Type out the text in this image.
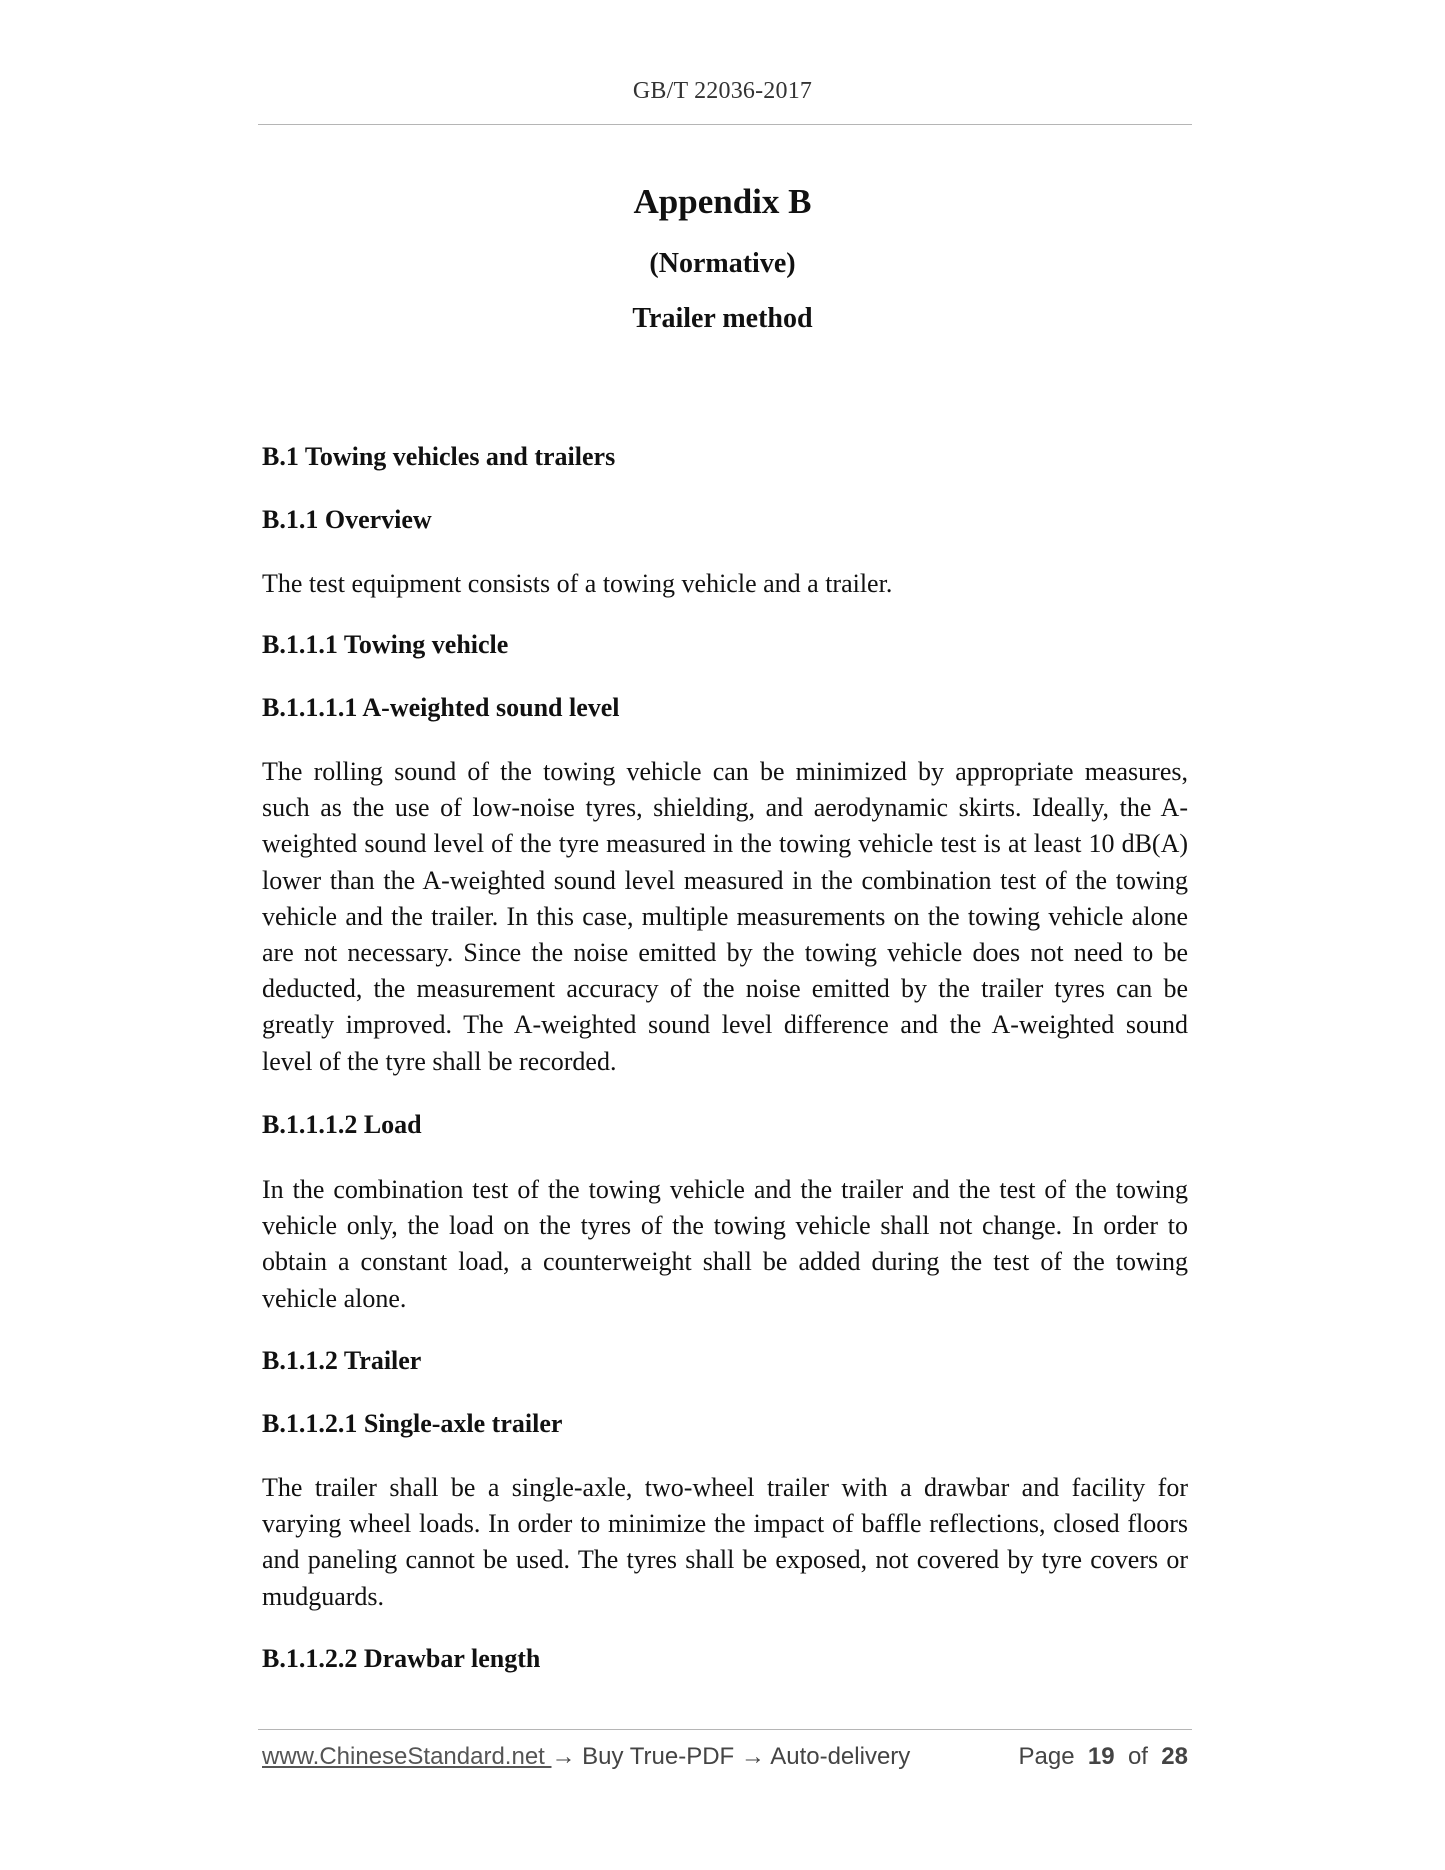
GB/T 22036-2017
Appendix B
(Normative)
Trailer method
B.1 Towing vehicles and trailers
B.1.1 Overview
The test equipment consists of a towing vehicle and a trailer.
B.1.1.1 Towing vehicle
B.1.1.1.1 A-weighted sound level
The rolling sound of the towing vehicle can be minimized by appropriate measures,
such as the use of low-noise tyres, shielding, and aerodynamic skirts. Ideally, the A-
weighted sound level of the tyre measured in the towing vehicle test is at least 10 dB(A)
lower than the A-weighted sound level measured in the combination test of the towing
vehicle and the trailer. In this case, multiple measurements on the towing vehicle alone
are not necessary. Since the noise emitted by the towing vehicle does not need to be
deducted, the measurement accuracy of the noise emitted by the trailer tyres can be
greatly improved. The A-weighted sound level difference and the A-weighted sound
level of the tyre shall be recorded.
B.1.1.1.2 Load
In the combination test of the towing vehicle and the trailer and the test of the towing
vehicle only, the load on the tyres of the towing vehicle shall not change. In order to
obtain a constant load, a counterweight shall be added during the test of the towing
vehicle alone.
B.1.1.2 Trailer
B.1.1.2.1 Single-axle trailer
The trailer shall be a single-axle, two-wheel trailer with a drawbar and facility for
varying wheel loads. In order to minimize the impact of baffle reflections, closed floors
and paneling cannot be used. The tyres shall be exposed, not covered by tyre covers or
mudguards.
B.1.1.2.2 Drawbar length
www.ChineseStandard.net → Buy True-PDF → Auto-delivery	Page 19 of 28
